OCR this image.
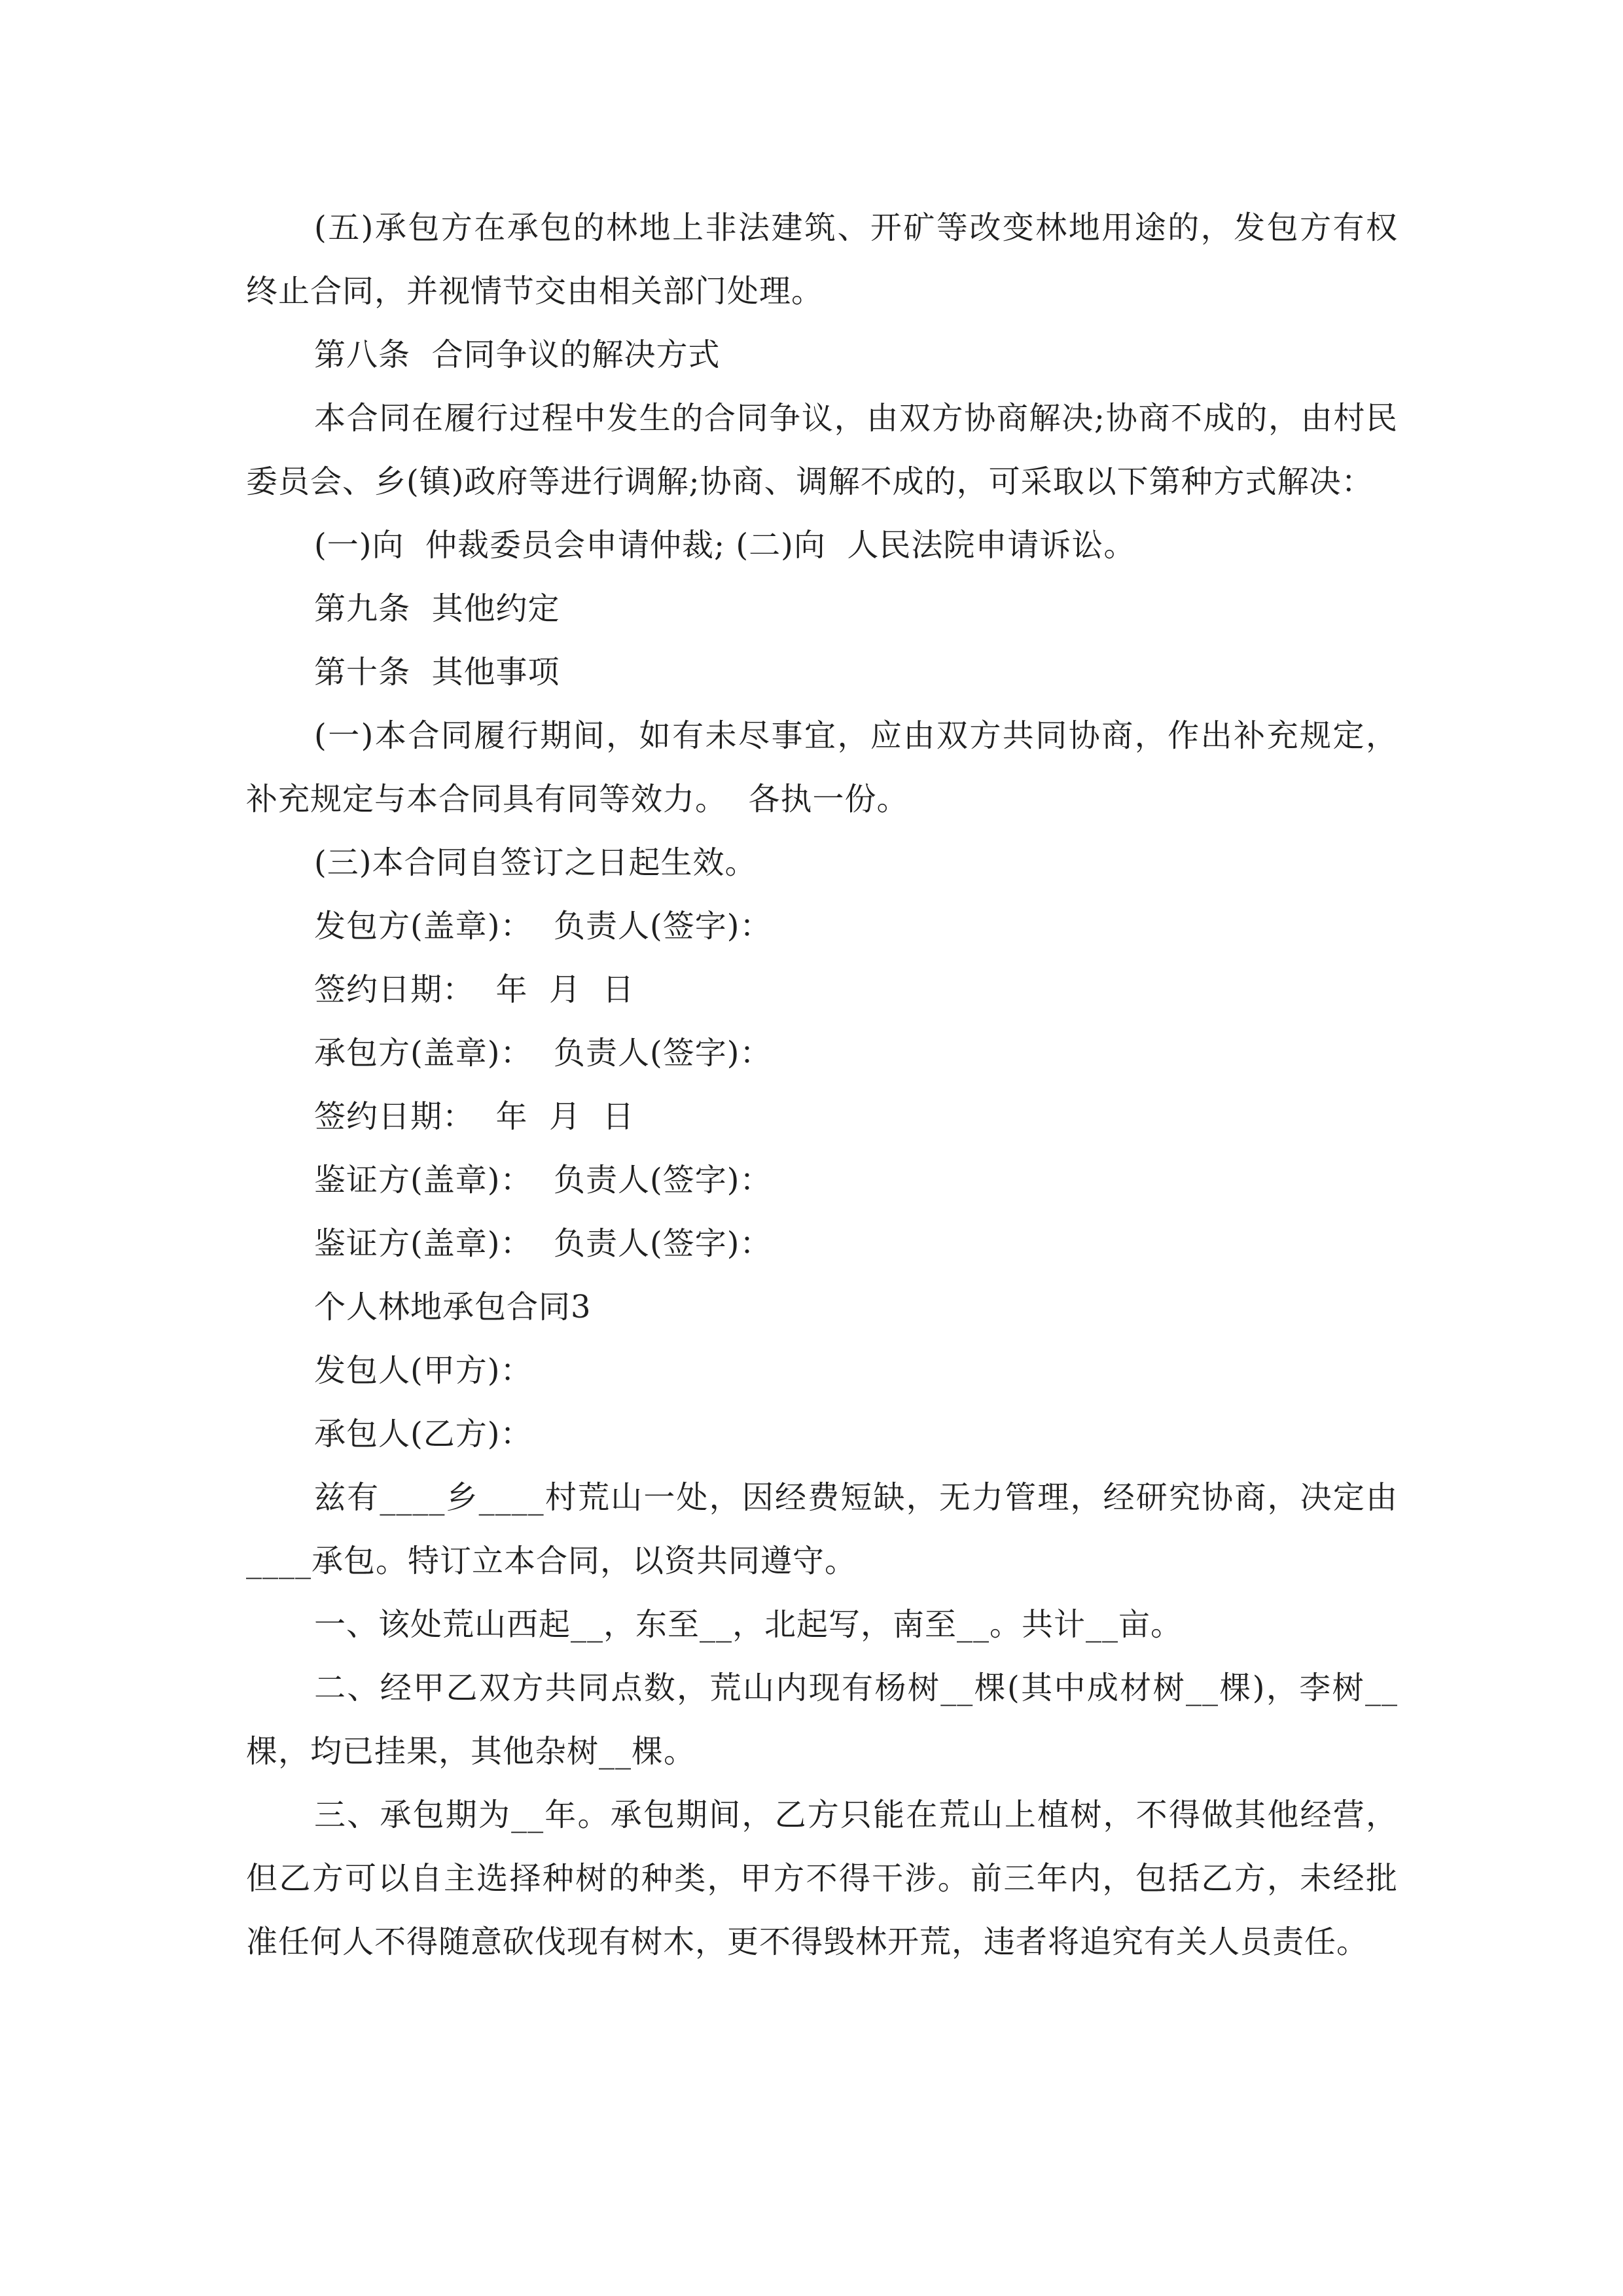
(五)承包方在承包的林地上非法建筑、开矿等改变林地用途的，发包方有权终止合同，并视情节交由相关部门处理。

第八条  合同争议的解决方式

本合同在履行过程中发生的合同争议，由双方协商解决;协商不成的，由村民委员会、乡(镇)政府等进行调解;协商、调解不成的，可采取以下第种方式解决：

(一)向  仲裁委员会申请仲裁; (二)向  人民法院申请诉讼。

第九条  其他约定

第十条  其他事项

(一)本合同履行期间，如有未尽事宜，应由双方共同协商，作出补充规定，补充规定与本合同具有同等效力。  各执一份。

(三)本合同自签订之日起生效。

发包方(盖章)：  负责人(签字)：

签约日期：  年  月  日

承包方(盖章)：  负责人(签字)：

签约日期：  年  月  日

鉴证方(盖章)：  负责人(签字)：

鉴证方(盖章)：  负责人(签字)：

个人林地承包合同3

发包人(甲方)：

承包人(乙方)：

兹有____乡____村荒山一处，因经费短缺，无力管理，经研究协商，决定由____承包。特订立本合同，以资共同遵守。

一、该处荒山西起__，东至__，北起写，南至__。共计__亩。

二、经甲乙双方共同点数，荒山内现有杨树__棵(其中成材树__棵)，李树__棵，均已挂果，其他杂树__棵。

三、承包期为__年。承包期间，乙方只能在荒山上植树，不得做其他经营，但乙方可以自主选择种树的种类，甲方不得干涉。前三年内，包括乙方，未经批准任何人不得随意砍伐现有树木，更不得毁林开荒，违者将追究有关人员责任。
